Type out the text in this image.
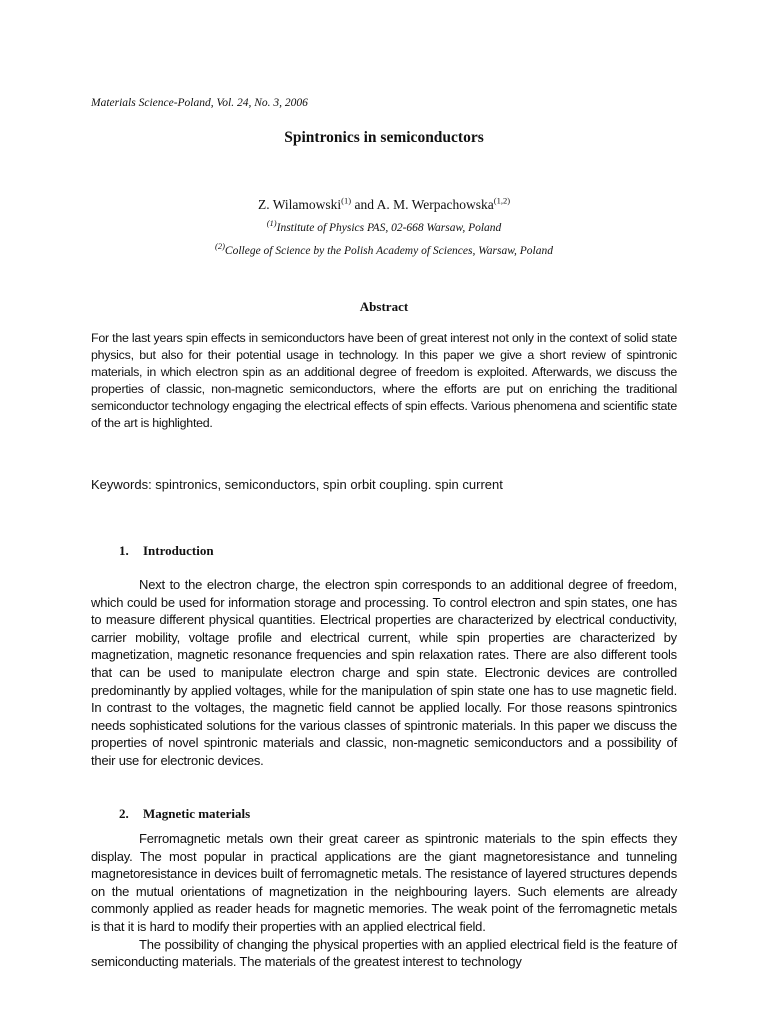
Materials Science-Poland, Vol. 24, No. 3, 2006
Spintronics in semiconductors
Z. Wilamowski$^{(1)}$ and A. M. Werpachowska$^{(1,2)}$
$^{(1)}$Institute of Physics PAS, 02-668 Warsaw, Poland
$^{(2)}$College of Science by the Polish Academy of Sciences, Warsaw, Poland
Abstract
For the last years spin effects in semiconductors have been of great interest not only in the context of solid state physics, but also for their potential usage in technology. In this paper we give a short review of spintronic materials, in which electron spin as an additional degree of freedom is exploited. Afterwards, we discuss the properties of classic, non-magnetic semiconductors, where the efforts are put on enriching the traditional semiconductor technology engaging the electrical effects of spin effects. Various phenomena and scientific state of the art is highlighted.
Keywords: spintronics, semiconductors, spin orbit coupling. spin current
1. Introduction

Next to the electron charge, the electron spin corresponds to an additional degree of freedom, which could be used for information storage and processing. To control electron and spin states, one has to measure different physical quantities. Electrical properties are characterized by electrical conductivity, carrier mobility, voltage profile and electrical current, while spin properties are characterized by magnetization, magnetic resonance frequencies and spin relaxation rates. There are also different tools that can be used to manipulate electron charge and spin state. Electronic devices are controlled predominantly by applied voltages, while for the manipulation of spin state one has to use magnetic field. In contrast to the voltages, the magnetic field cannot be applied locally. For those reasons spintronics needs sophisticated solutions for the various classes of spintronic materials. In this paper we discuss the properties of novel spintronic materials and classic, non-magnetic semiconductors and a possibility of their use for electronic devices.

2. Magnetic materials

Ferromagnetic metals own their great career as spintronic materials to the spin effects they display. The most popular in practical applications are the giant magnetoresistance and tunneling magnetoresistance in devices built of ferromagnetic metals. The resistance of layered structures depends on the mutual orientations of magnetization in the neighbouring layers. Such elements are already commonly applied as reader heads for magnetic memories. The weak point of the ferromagnetic metals is that it is hard to modify their properties with an applied electrical field.

The possibility of changing the physical properties with an applied electrical field is the feature of semiconducting materials. The materials of the greatest interest to technology
